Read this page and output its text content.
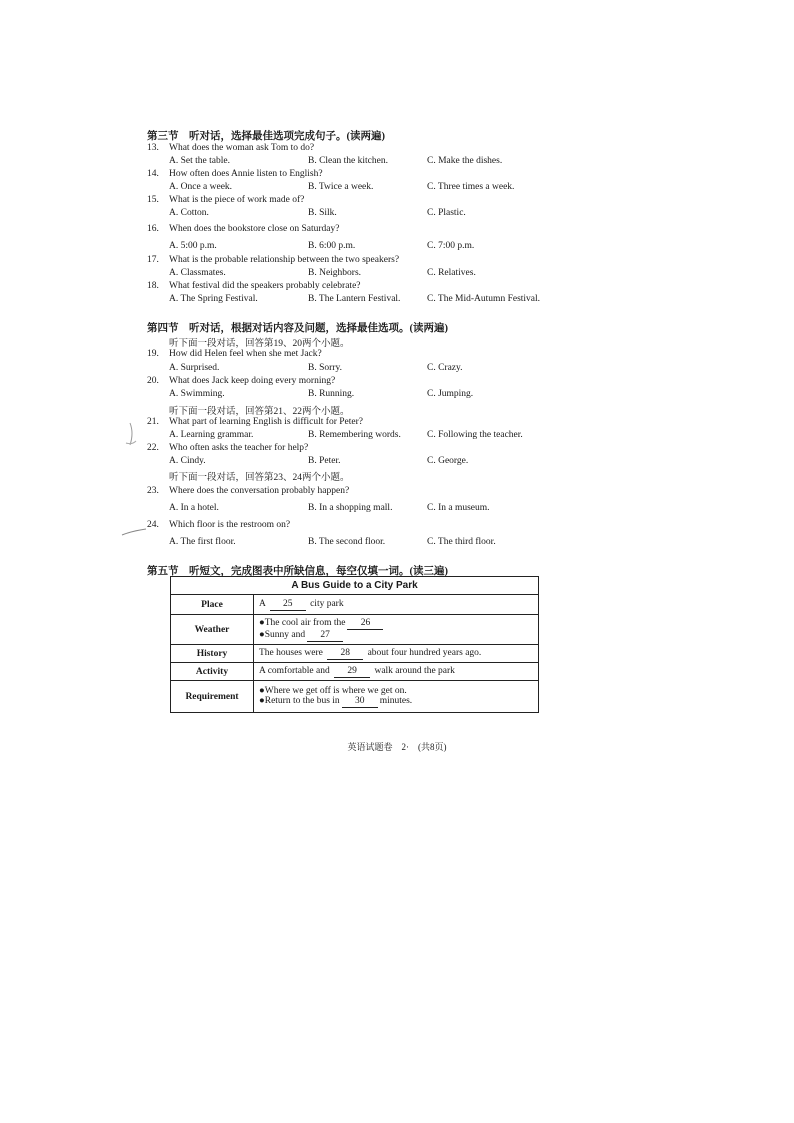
第三节　听对话，选择最佳选项完成句子。(读两遍)
13. What does the woman ask Tom to do?
A. Set the table.	B. Clean the kitchen.	C. Make the dishes.
14. How often does Annie listen to English?
A. Once a week.	B. Twice a week.	C. Three times a week.
15. What is the piece of work made of?
A. Cotton.	B. Silk.	C. Plastic.
16. When does the bookstore close on Saturday?
A. 5:00 p.m.	B. 6:00 p.m.	C. 7:00 p.m.
17. What is the probable relationship between the two speakers?
A. Classmates.	B. Neighbors.	C. Relatives.
18. What festival did the speakers probably celebrate?
A. The Spring Festival.	B. The Lantern Festival.	C. The Mid-Autumn Festival.
第四节　听对话，根据对话内容及问题，选择最佳选项。(读两遍)
听下面一段对话，回答第19、20两个小题。
19. How did Helen feel when she met Jack?
A. Surprised.	B. Sorry.	C. Crazy.
20. What does Jack keep doing every morning?
A. Swimming.	B. Running.	C. Jumping.
听下面一段对话，回答第21、22两个小题。
21. What part of learning English is difficult for Peter?
A. Learning grammar.	B. Remembering words.	C. Following the teacher.
22. Who often asks the teacher for help?
A. Cindy.	B. Peter.	C. George.
听下面一段对话，回答第23、24两个小题。
23. Where does the conversation probably happen?
A. In a hotel.	B. In a shopping mall.	C. In a museum.
24. Which floor is the restroom on?
A. The first floor.	B. The second floor.	C. The third floor.
第五节　听短文，完成图表中所缺信息，每空仅填一词。(读三遍)
A Bus Guide to a City Park	
Place	A 25 city park
Weather	●The cool air from the 26
●Sunny and 27

History	The houses were 28 about four hundred years ago.
Activity	A comfortable and 29 walk around the park
Requirement	●Where we get off is where we get on.
●Return to the bus in 30 minutes.
英语试题卷　2·　(共8页)
